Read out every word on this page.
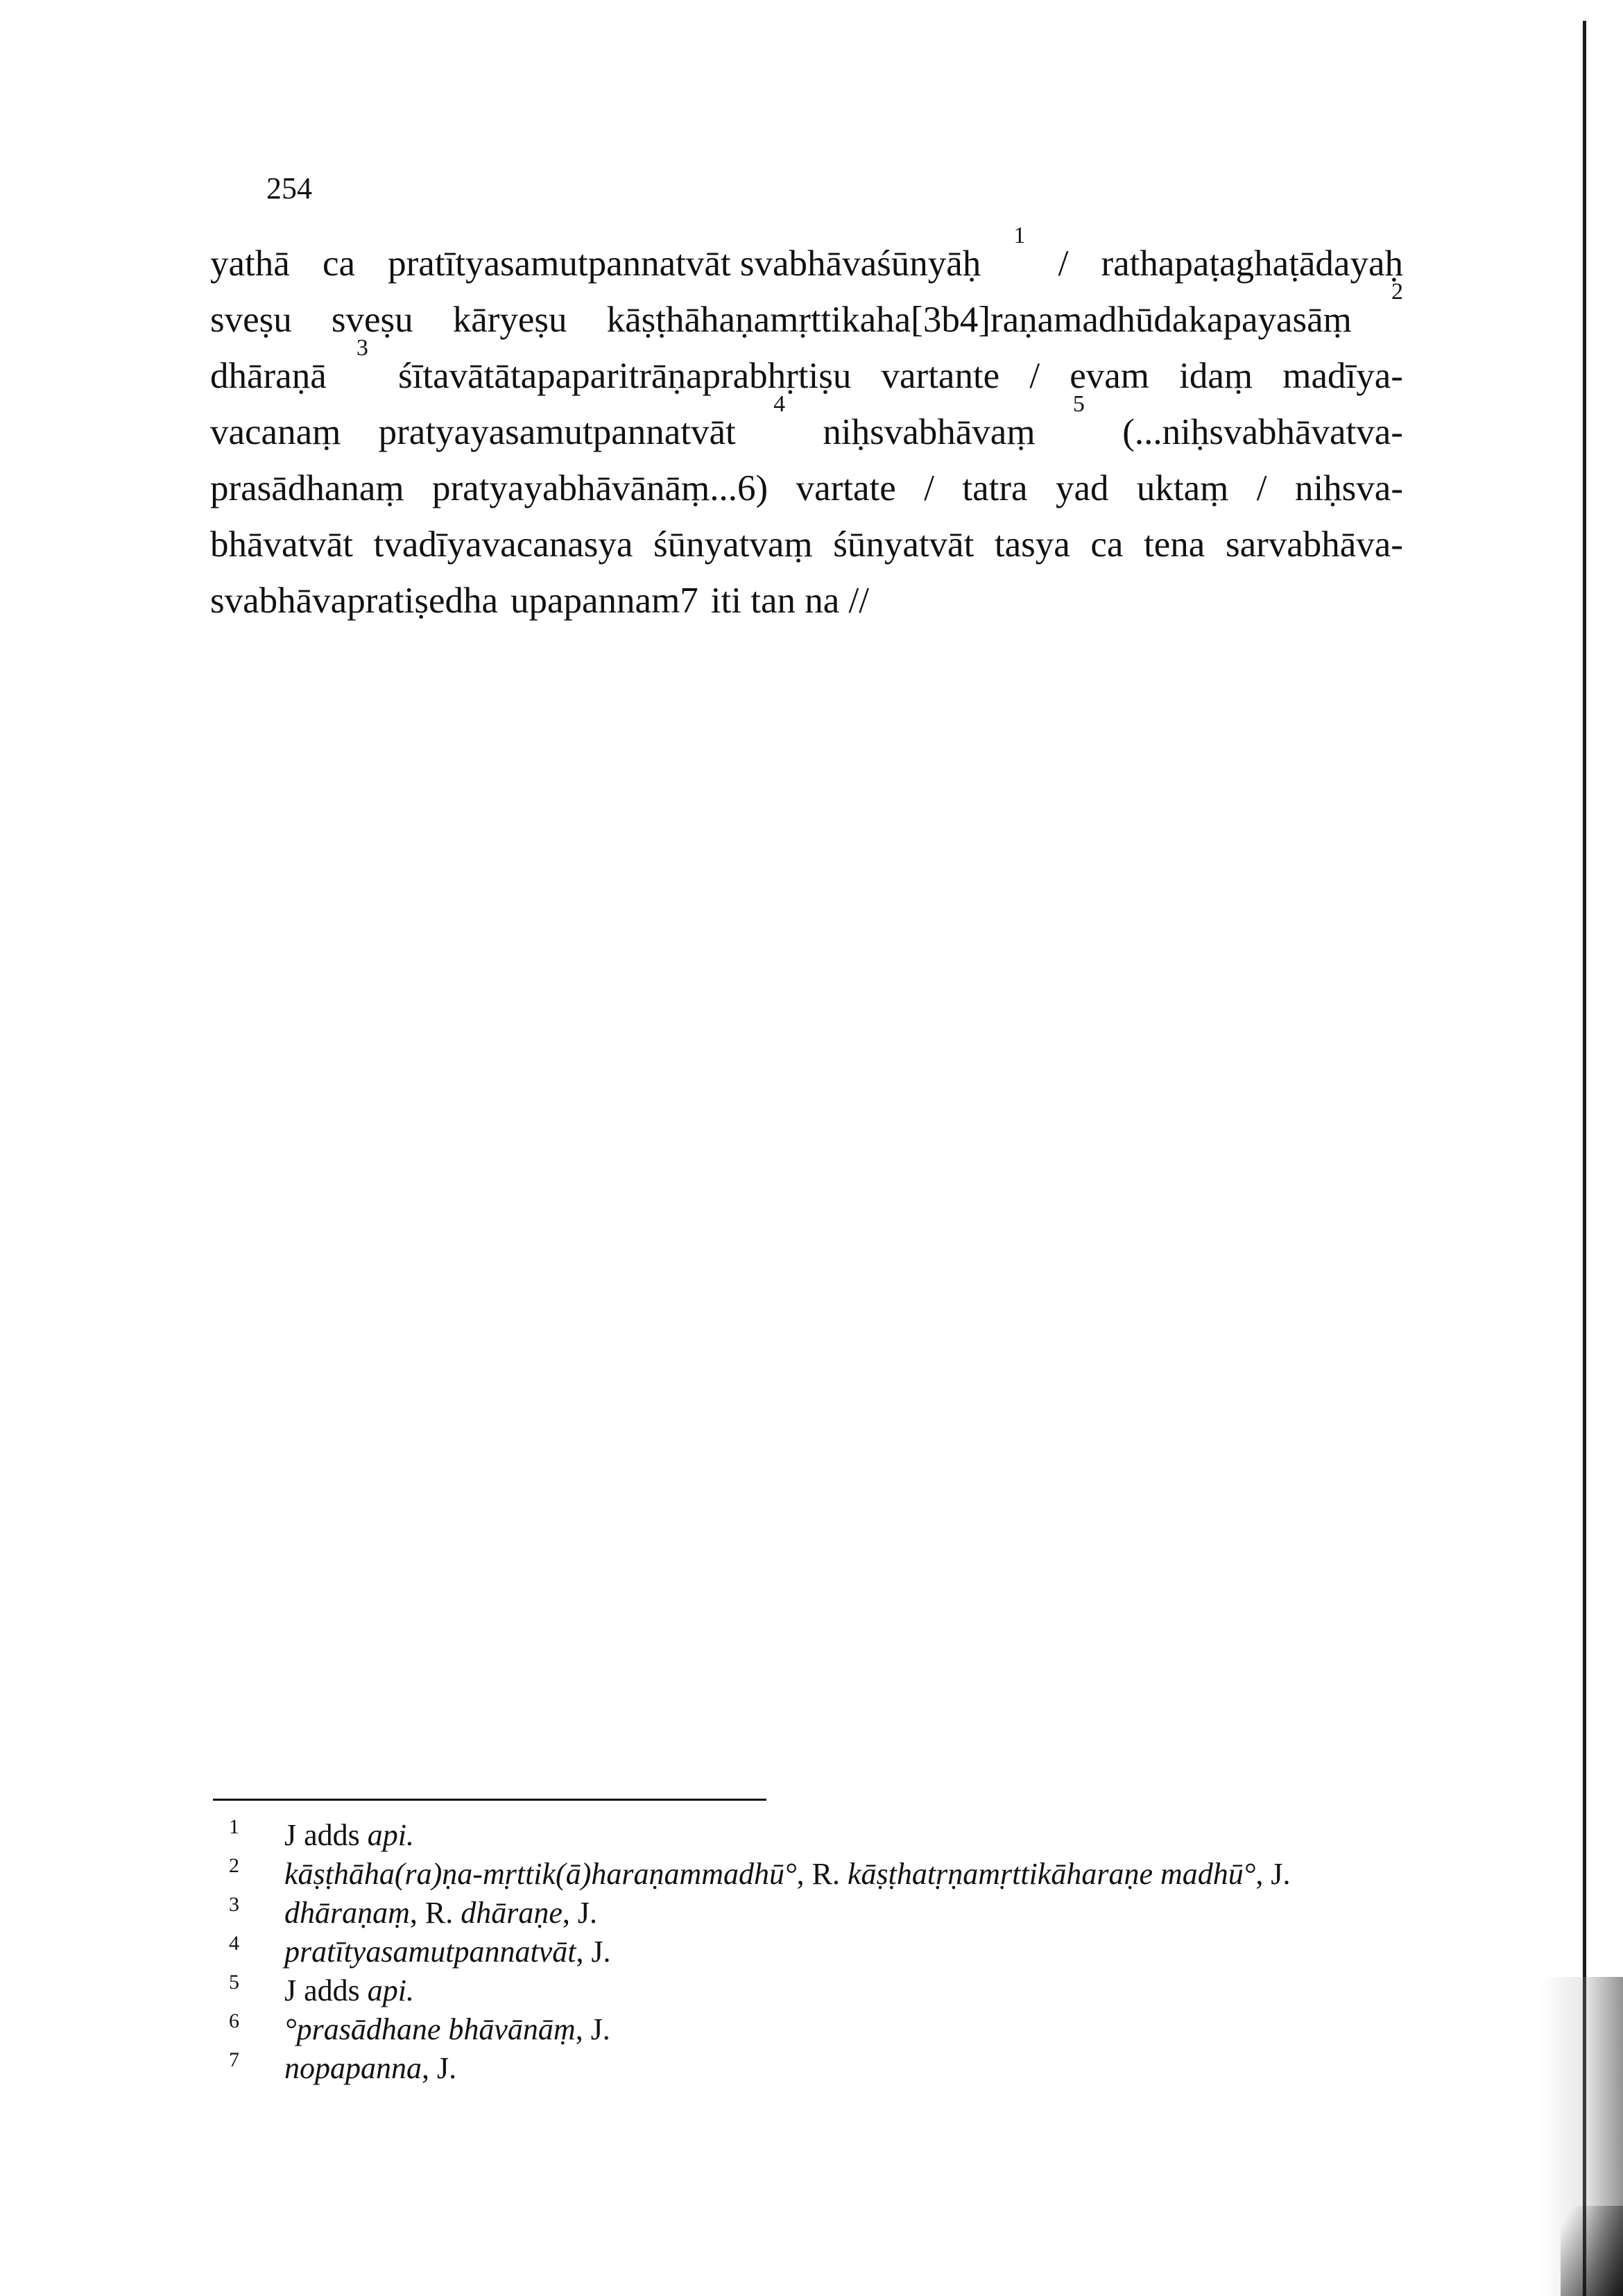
254
yathā ca pratītyasamutpannatvāt svabhāvaśūnyāḥ
1
/ rathapaṭaghaṭādayaḥ
sveṣu sveṣu kāryeṣu kāṣṭhāhaṇamṛttikaha[3b4]raṇamadhūdakapayasāṃ
2
dhāraṇā
3
śītavātātapaparitrāṇaprabhṛtiṣu vartante / evam idaṃ madīya-
vacanaṃ pratyayasamutpannatvāt
4
niḥsvabhāvaṃ
5
(...niḥsvabhāvatva-
prasādhanaṃ pratyayabhāvānāṃ...6) vartate / tatra yad uktaṃ / niḥsva-
bhāvatvāt tvadīyavacanasya śūnyatvaṃ śūnyatvāt tasya ca tena sarvabhāva-
svabhāvapratiṣedha upapannam7 iti tan na //
1	J adds api.
2	kāṣṭhāha(ra)ṇa-mṛttik(ā)haraṇammadhū°, R. kāṣṭhatṛṇamṛttikāharaṇe madhū°, J.
3	dhāraṇaṃ, R. dhāraṇe, J.
4	pratītyasamutpannatvāt, J.
5	J adds api.
6	°prasādhane bhāvānāṃ, J.
7	nopapanna, J.
